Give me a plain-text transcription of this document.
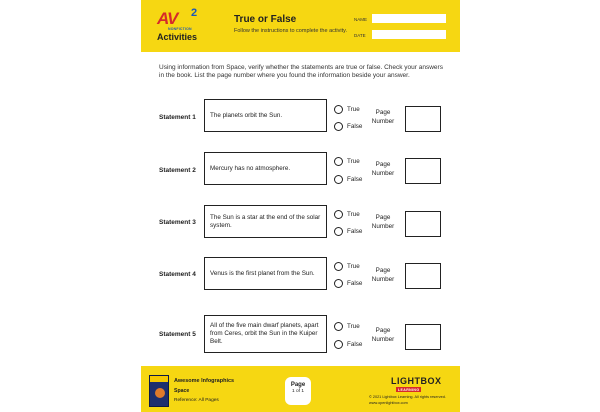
AV 2
NONFICTION
Activities
True or False
Follow the instructions to complete the activity.
NAME
DATE
Using information from Space, verify whether the statements are true or false. Check your answers in the book. List the page number where you found the information beside your answer.
Statement 1 The planets orbit the Sun.
True
False
Page
Number
Statement 2 Mercury has no atmosphere.
True
False
Page
Number
Statement 3
The Sun is a star at the end of the solar system.
True
False
Page
Number
Statement 4 Venus is the first planet from the Sun.
True
False
Page
Number
Statement 5
All of the five main dwarf planets, apart from Ceres, orbit the Sun in the Kuiper Belt.
True
False
Page
Number
Awesome Infographics
Space
Reference: All Pages
Page
1 of 1
LIGHTBOX
LEARNING
© 2021 Lightbox Learning. All rights reserved.
www.openlightbox.com
